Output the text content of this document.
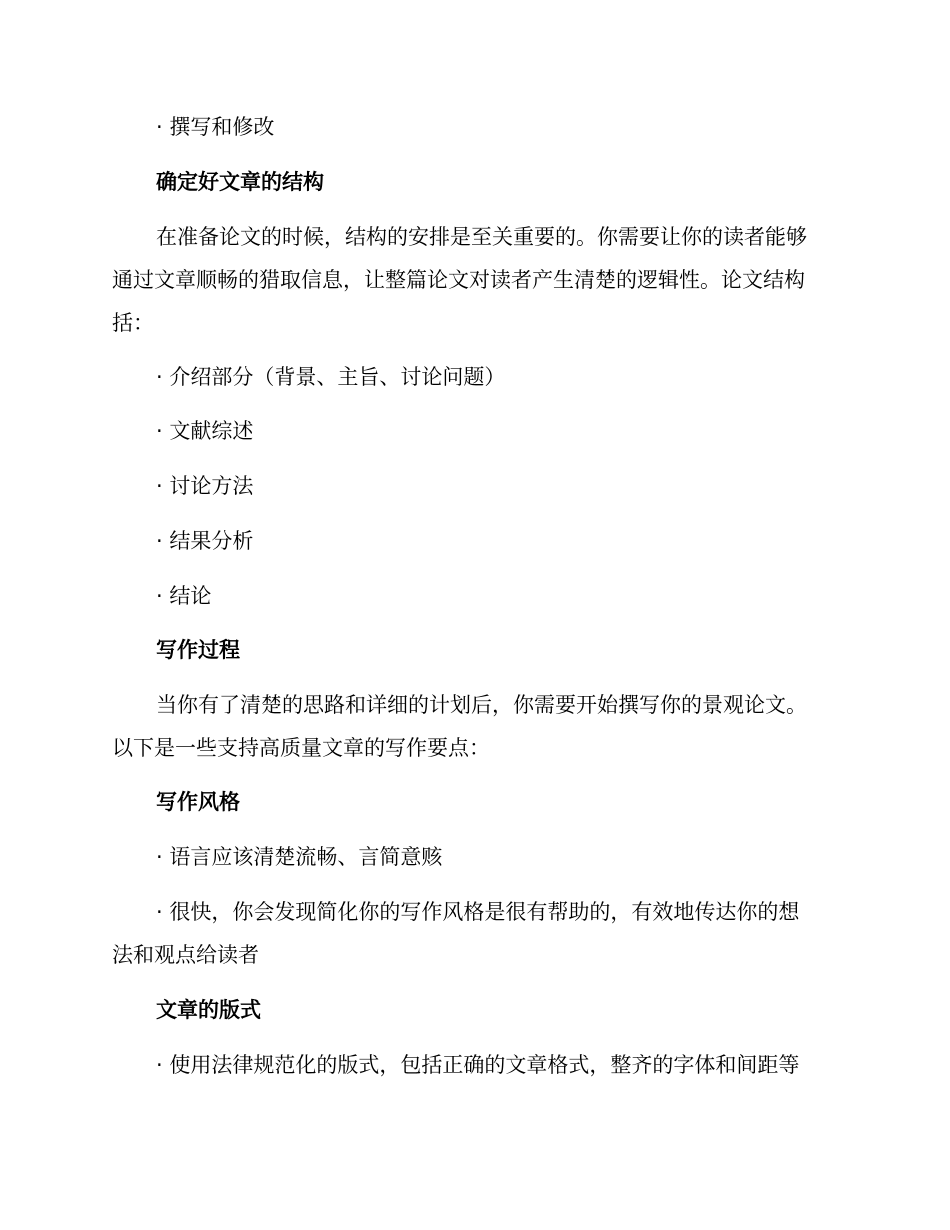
· 撰写和修改
确定好文章的结构
在准备论文的时候，结构的安排是至关重要的。你需要让你的读者能够
通过文章顺畅的猎取信息，让整篇论文对读者产生清楚的逻辑性。论文结构
括：
· 介绍部分（背景、主旨、讨论问题）
· 文献综述
· 讨论方法
· 结果分析
· 结论
写作过程
当你有了清楚的思路和详细的计划后，你需要开始撰写你的景观论文。
以下是一些支持高质量文章的写作要点：
写作风格
· 语言应该清楚流畅、言简意赅
· 很快，你会发现简化你的写作风格是很有帮助的，有效地传达你的想
法和观点给读者
文章的版式
· 使用法律规范化的版式，包括正确的文章格式，整齐的字体和间距等
